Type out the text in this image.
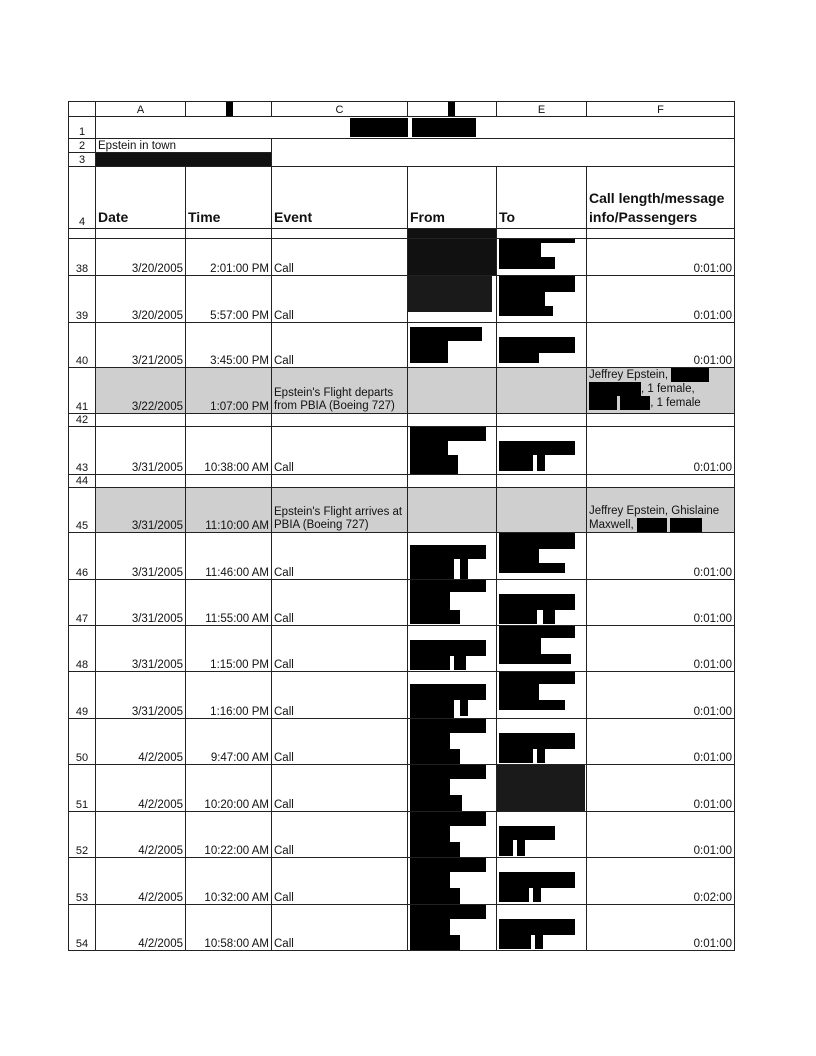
	A		C		E	F
1						

2	Epstein in town					
3						
4	Date	Time	Event	From	To	Call length/message info/Passengers

38	3/20/2005	2:01:00 PM	Call			0:01:00
39	3/20/2005	5:57:00 PM	Call			0:01:00
40	3/21/2005	3:45:00 PM	Call			0:01:00
41	3/22/2005	1:07:00 PM	Epstein's Flight departs from PBIA (Boeing 727)			Jeffrey Epstein,
, 1 female,
, 1 female

42						
43	3/31/2005	10:38:00 AM	Call			0:01:00
44						
45	3/31/2005	11:10:00 AM	Epstein's Flight arrives at PBIA (Boeing 727)			Jeffrey Epstein, Ghislaine
Maxwell,

46	3/31/2005	11:46:00 AM	Call			0:01:00
47	3/31/2005	11:55:00 AM	Call			0:01:00
48	3/31/2005	1:15:00 PM	Call			0:01:00
49	3/31/2005	1:16:00 PM	Call			0:01:00
50	4/2/2005	9:47:00 AM	Call			0:01:00
51	4/2/2005	10:20:00 AM	Call			0:01:00
52	4/2/2005	10:22:00 AM	Call			0:01:00
53	4/2/2005	10:32:00 AM	Call			0:02:00
54	4/2/2005	10:58:00 AM	Call			0:01:00
